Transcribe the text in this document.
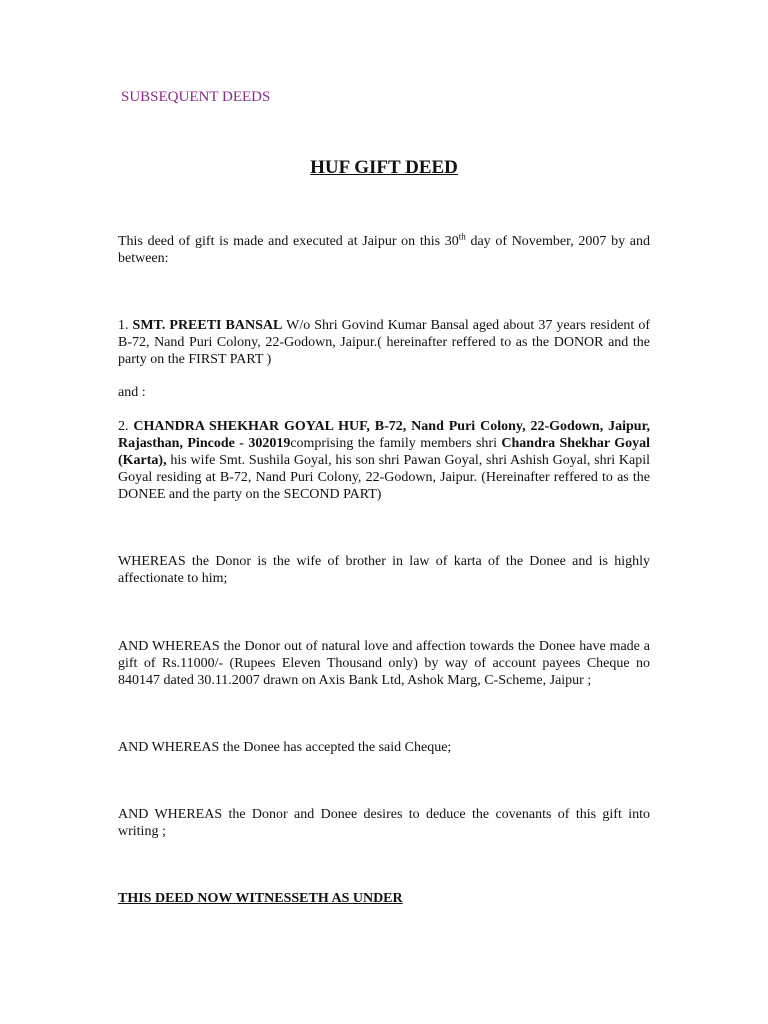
SUBSEQUENT DEEDS
HUF GIFT DEED
This deed of gift is made and executed at Jaipur on this 30th day of November, 2007 by and between:
1. SMT. PREETI BANSAL W/o Shri Govind Kumar Bansal aged about 37 years resident of B-72, Nand Puri Colony, 22-Godown, Jaipur.( hereinafter reffered to as the DONOR and the party on the FIRST PART )
and :
2. CHANDRA SHEKHAR GOYAL HUF, B-72, Nand Puri Colony, 22-Godown, Jaipur, Rajasthan, Pincode - 302019comprising the family members shri Chandra Shekhar Goyal (Karta), his wife Smt. Sushila Goyal, his son shri Pawan Goyal, shri Ashish Goyal, shri Kapil Goyal residing at B-72, Nand Puri Colony, 22-Godown, Jaipur. (Hereinafter reffered to as the DONEE and the party on the SECOND PART)
WHEREAS the Donor is the wife of brother in law of karta of the Donee and is highly affectionate to him;
AND WHEREAS the Donor out of natural love and affection towards the Donee have made a gift of Rs.11000/- (Rupees Eleven Thousand only) by way of account payees Cheque no 840147 dated 30.11.2007 drawn on Axis Bank Ltd, Ashok Marg, C-Scheme, Jaipur ;
AND WHEREAS the Donee has accepted the said Cheque;
AND WHEREAS the Donor and Donee desires to deduce the covenants of this gift into writing ;
THIS DEED NOW WITNESSETH AS UNDER
